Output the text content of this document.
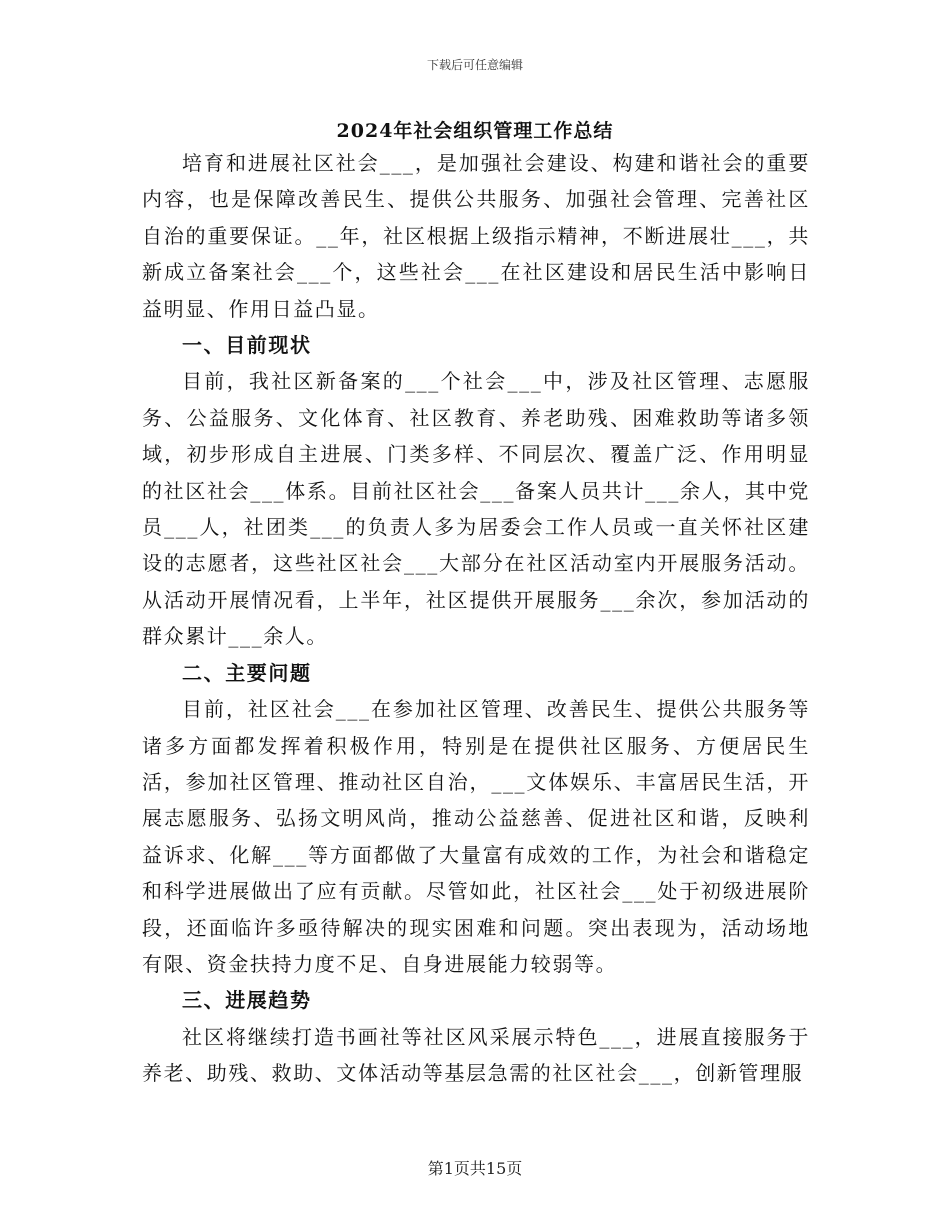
下载后可任意编辑
2024年社会组织管理工作总结

培育和进展社区社会___，是加强社会建设、构建和谐社会的重要内容，也是保障改善民生、提供公共服务、加强社会管理、完善社区自治的重要保证。__年，社区根据上级指示精神，不断进展壮___，共新成立备案社会___个，这些社会___在社区建设和居民生活中影响日益明显、作用日益凸显。

一、目前现状

目前，我社区新备案的___个社会___中，涉及社区管理、志愿服务、公益服务、文化体育、社区教育、养老助残、困难救助等诸多领域，初步形成自主进展、门类多样、不同层次、覆盖广泛、作用明显的社区社会___体系。目前社区社会___备案人员共计___余人，其中党员___人，社团类___的负责人多为居委会工作人员或一直关怀社区建设的志愿者，这些社区社会___大部分在社区活动室内开展服务活动。从活动开展情况看，上半年，社区提供开展服务___余次，参加活动的群众累计___余人。

二、主要问题

目前，社区社会___在参加社区管理、改善民生、提供公共服务等诸多方面都发挥着积极作用，特别是在提供社区服务、方便居民生活，参加社区管理、推动社区自治，___文体娱乐、丰富居民生活，开展志愿服务、弘扬文明风尚，推动公益慈善、促进社区和谐，反映利益诉求、化解___等方面都做了大量富有成效的工作，为社会和谐稳定和科学进展做出了应有贡献。尽管如此，社区社会___处于初级进展阶段，还面临许多亟待解决的现实困难和问题。突出表现为，活动场地有限、资金扶持力度不足、自身进展能力较弱等。

三、进展趋势

社区将继续打造书画社等社区风采展示特色___，进展直接服务于养老、助残、救助、文体活动等基层急需的社区社会___，创新管理服

第1页共15页
